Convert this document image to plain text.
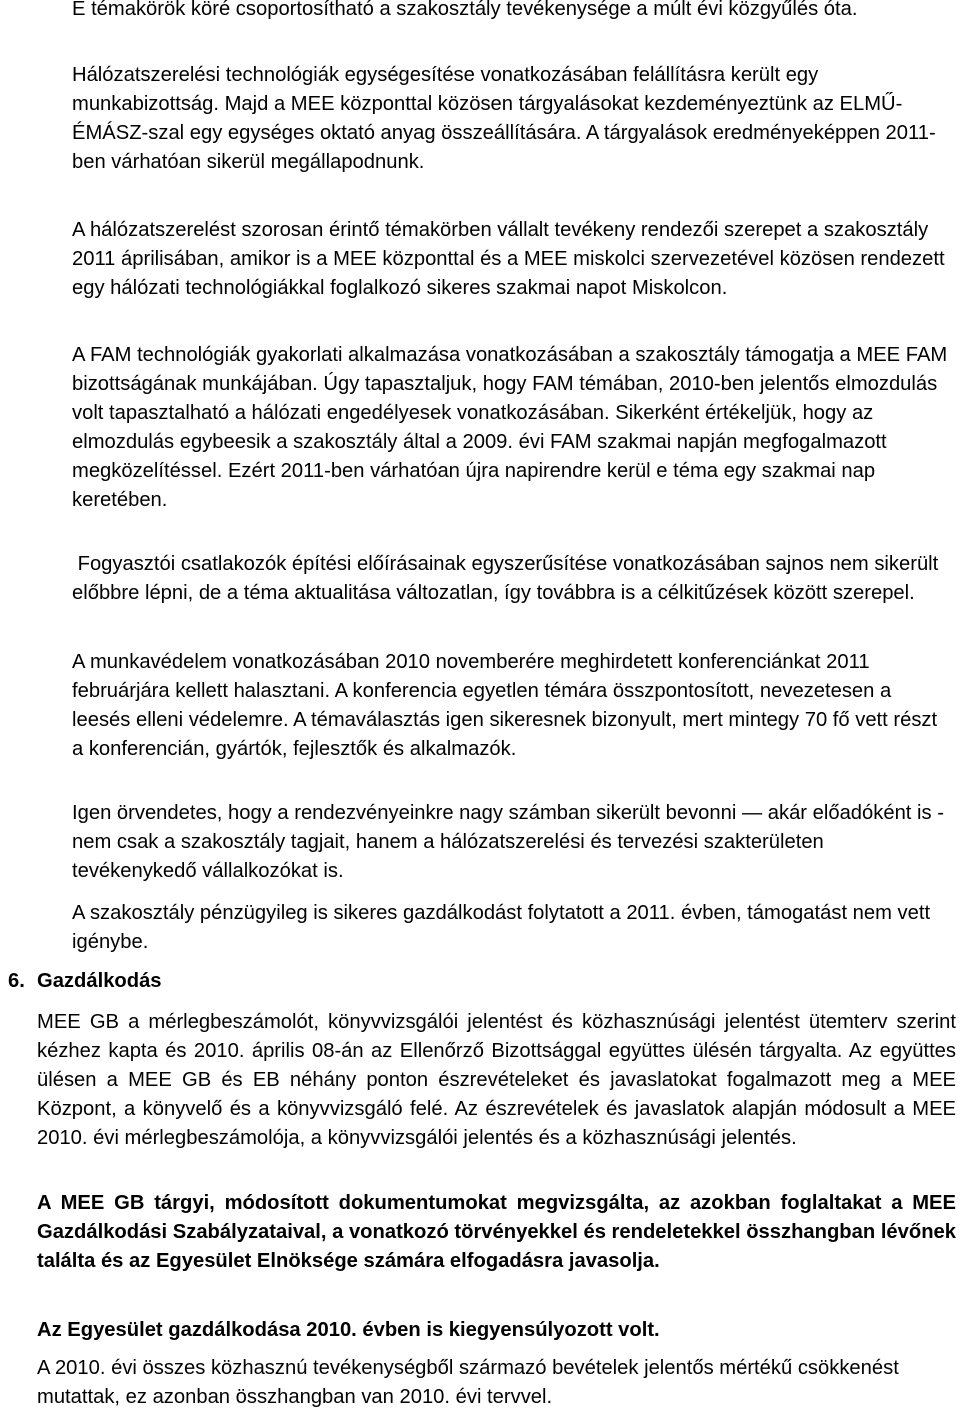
E témakörök köré csoportosítható a szakosztály tevékenysége a múlt évi közgyűlés óta.

Hálózatszerelési technológiák egységesítése vonatkozásában felállításra került egy munkabizottság. Majd a MEE központtal közösen tárgyalásokat kezdeményeztünk az ELMŰ-ÉMÁSZ-szal egy egységes oktató anyag összeállítására. A tárgyalások eredményeképpen 2011-ben várhatóan sikerül megállapodnunk.

A hálózatszerelést szorosan érintő témakörben vállalt tevékeny rendezői szerepet a szakosztály 2011 áprilisában, amikor is a MEE központtal és a MEE miskolci szervezetével közösen rendezett egy hálózati technológiákkal foglalkozó sikeres szakmai napot Miskolcon.

A FAM technológiák gyakorlati alkalmazása vonatkozásában a szakosztály támogatja a MEE FAM bizottságának munkájában. Úgy tapasztaljuk, hogy FAM témában, 2010-ben jelentős elmozdulás volt tapasztalható a hálózati engedélyesek vonatkozásában. Sikerként értékeljük, hogy az elmozdulás egybeesik a szakosztály által a 2009. évi FAM szakmai napján megfogalmazott megközelítéssel. Ezért 2011-ben várhatóan újra napirendre kerül e téma egy szakmai nap keretében.

Fogyasztói csatlakozók építési előírásainak egyszerűsítése vonatkozásában sajnos nem sikerült előbbre lépni, de a téma aktualitása változatlan, így továbbra is a célkitűzések között szerepel.

A munkavédelem vonatkozásában 2010 novemberére meghirdetett konferenciánkat 2011 februárjára kellett halasztani. A konferencia egyetlen témára összpontosított, nevezetesen a leesés elleni védelemre. A témaválasztás igen sikeresnek bizonyult, mert mintegy 70 fő vett részt a konferencián, gyártók, fejlesztők és alkalmazók.

Igen örvendetes, hogy a rendezvényeinkre nagy számban sikerült bevonni — akár előadóként is - nem csak a szakosztály tagjait, hanem a hálózatszerelési és tervezési szakterületen tevékenykedő vállalkozókat is.

A szakosztály pénzügyileg is sikeres gazdálkodást folytatott a 2011. évben, támogatást nem vett igénybe.

6. Gazdálkodás

MEE GB a mérlegbeszámolót, könyvvizsgálói jelentést és közhasznúsági jelentést ütemterv szerint kézhez kapta és 2010. április 08-án az Ellenőrző Bizottsággal együttes ülésén tárgyalta. Az együttes ülésen a MEE GB és EB néhány ponton észrevételeket és javaslatokat fogalmazott meg a MEE Központ, a könyvelő és a könyvvizsgáló felé. Az észrevételek és javaslatok alapján módosult a MEE 2010. évi mérlegbeszámolója, a könyvvizsgálói jelentés és a közhasznúsági jelentés.

A MEE GB tárgyi, módosított dokumentumokat megvizsgálta, az azokban foglaltakat a MEE Gazdálkodási Szabályzataival, a vonatkozó törvényekkel és rendeletekkel összhangban lévőnek találta és az Egyesület Elnöksége számára elfogadásra javasolja.

Az Egyesület gazdálkodása 2010. évben is kiegyensúlyozott volt.

A 2010. évi összes közhasznú tevékenységből származó bevételek jelentős mértékű csökkenést mutattak, ez azonban összhangban van 2010. évi tervvel.
